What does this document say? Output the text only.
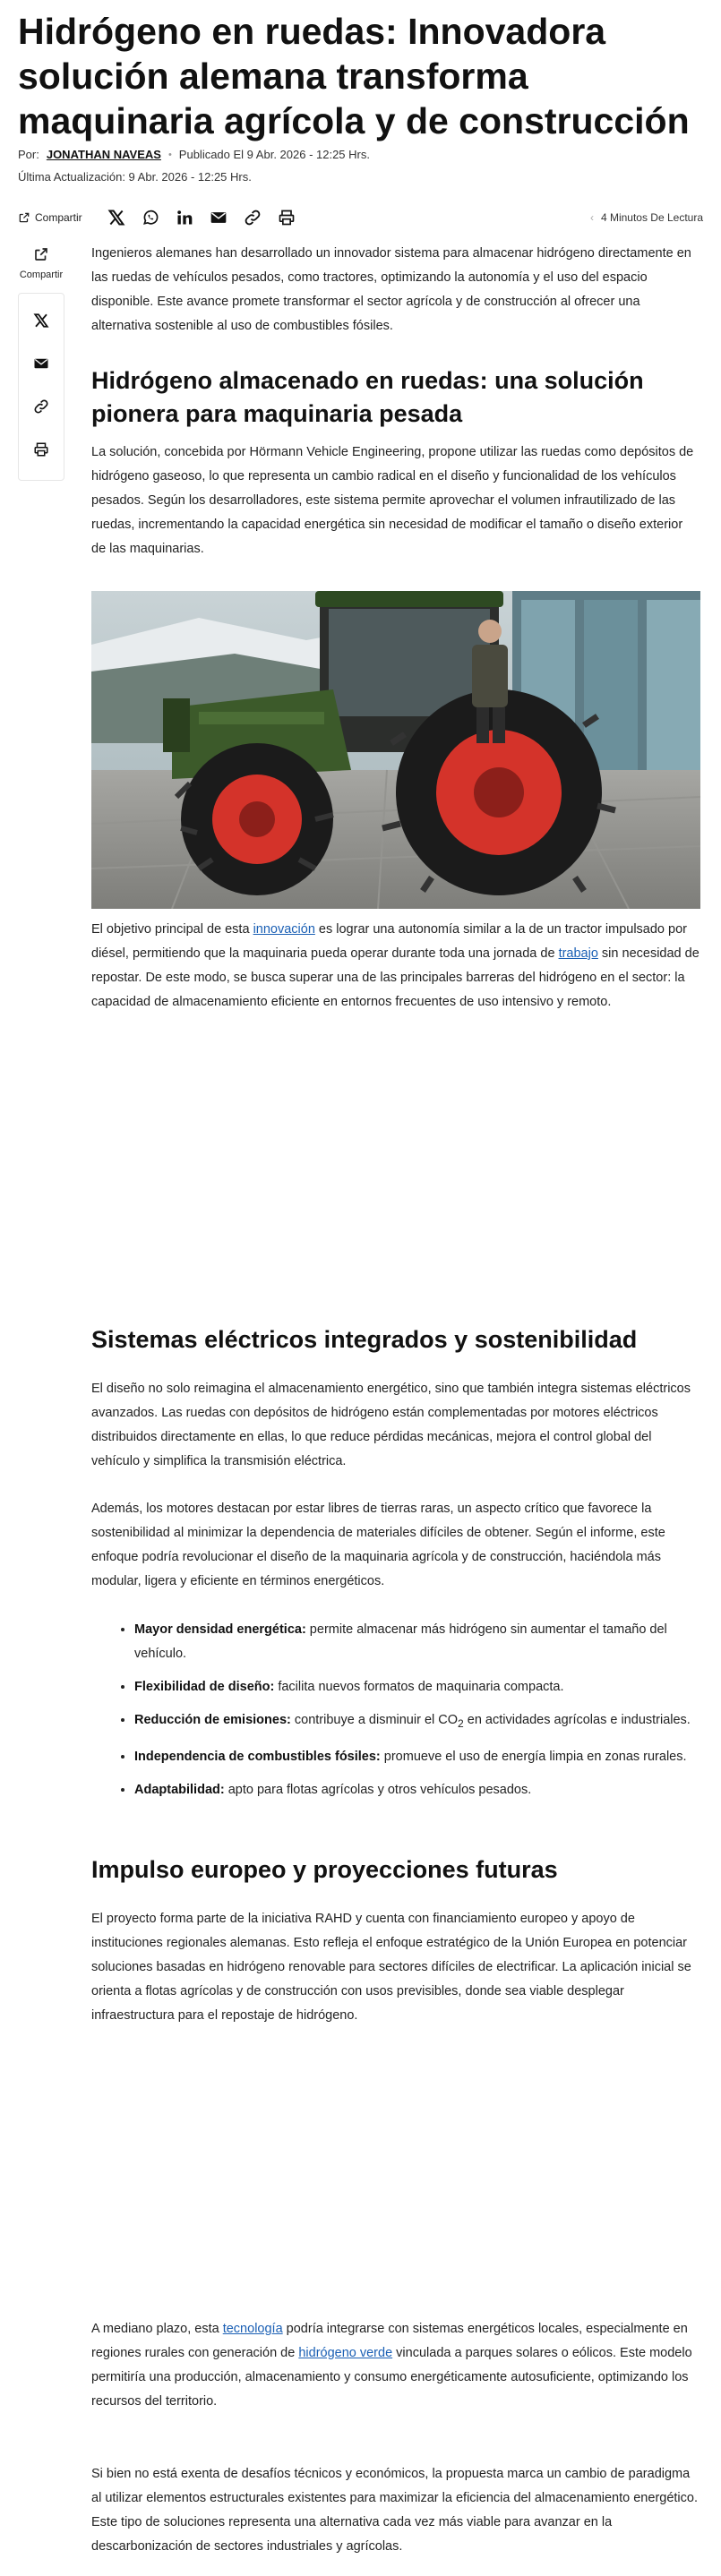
Hidrógeno en ruedas: Innovadora solución alemana transforma maquinaria agrícola y de construcción
Por: JONATHAN NAVEAS • Publicado El 9 Abr. 2026 - 12:25 Hrs.
Última Actualización: 9 Abr. 2026 - 12:25 Hrs.
Compartir	‹ 4 Minutos De Lectura
Compartir

Ingenieros alemanes han desarrollado un innovador sistema para almacenar hidrógeno directamente en las ruedas de vehículos pesados, como tractores, optimizando la autonomía y el uso del espacio disponible. Este avance promete transformar el sector agrícola y de construcción al ofrecer una alternativa sostenible al uso de combustibles fósiles.

Hidrógeno almacenado en ruedas: una solución pionera para maquinaria pesada

La solución, concebida por Hörmann Vehicle Engineering, propone utilizar las ruedas como depósitos de hidrógeno gaseoso, lo que representa un cambio radical en el diseño y funcionalidad de los vehículos pesados. Según los desarrolladores, este sistema permite aprovechar el volumen infrautilizado de las ruedas, incrementando la capacidad energética sin necesidad de modificar el tamaño o diseño exterior de las maquinarias.

El objetivo principal de esta innovación es lograr una autonomía similar a la de un tractor impulsado por diésel, permitiendo que la maquinaria pueda operar durante toda una jornada de trabajo sin necesidad de repostar. De este modo, se busca superar una de las principales barreras del hidrógeno en el sector: la capacidad de almacenamiento eficiente en entornos frecuentes de uso intensivo y remoto.

Sistemas eléctricos integrados y sostenibilidad

El diseño no solo reimagina el almacenamiento energético, sino que también integra sistemas eléctricos avanzados. Las ruedas con depósitos de hidrógeno están complementadas por motores eléctricos distribuidos directamente en ellas, lo que reduce pérdidas mecánicas, mejora el control global del vehículo y simplifica la transmisión eléctrica.

Además, los motores destacan por estar libres de tierras raras, un aspecto crítico que favorece la sostenibilidad al minimizar la dependencia de materiales difíciles de obtener. Según el informe, este enfoque podría revolucionar el diseño de la maquinaria agrícola y de construcción, haciéndola más modular, ligera y eficiente en términos energéticos.

• Mayor densidad energética: permite almacenar más hidrógeno sin aumentar el tamaño del vehículo.
• Flexibilidad de diseño: facilita nuevos formatos de maquinaria compacta.
• Reducción de emisiones: contribuye a disminuir el $CO_2$ en actividades agrícolas e industriales.
• Independencia de combustibles fósiles: promueve el uso de energía limpia en zonas rurales.
• Adaptabilidad: apto para flotas agrícolas y otros vehículos pesados.
Impulso europeo y proyecciones futuras

El proyecto forma parte de la iniciativa RAHD y cuenta con financiamiento europeo y apoyo de instituciones regionales alemanas. Esto refleja el enfoque estratégico de la Unión Europea en potenciar soluciones basadas en hidrógeno renovable para sectores difíciles de electrificar. La aplicación inicial se orienta a flotas agrícolas y de construcción con usos previsibles, donde sea viable desplegar infraestructura para el repostaje de hidrógeno.

A mediano plazo, esta tecnología podría integrarse con sistemas energéticos locales, especialmente en regiones rurales con generación de hidrógeno verde vinculada a parques solares o eólicos. Este modelo permitiría una producción, almacenamiento y consumo energéticamente autosuficiente, optimizando los recursos del territorio.

Si bien no está exenta de desafíos técnicos y económicos, la propuesta marca un cambio de paradigma al utilizar elementos estructurales existentes para maximizar la eficiencia del almacenamiento energético. Este tipo de soluciones representa una alternativa cada vez más viable para avanzar en la descarbonización de sectores industriales y agrícolas.
